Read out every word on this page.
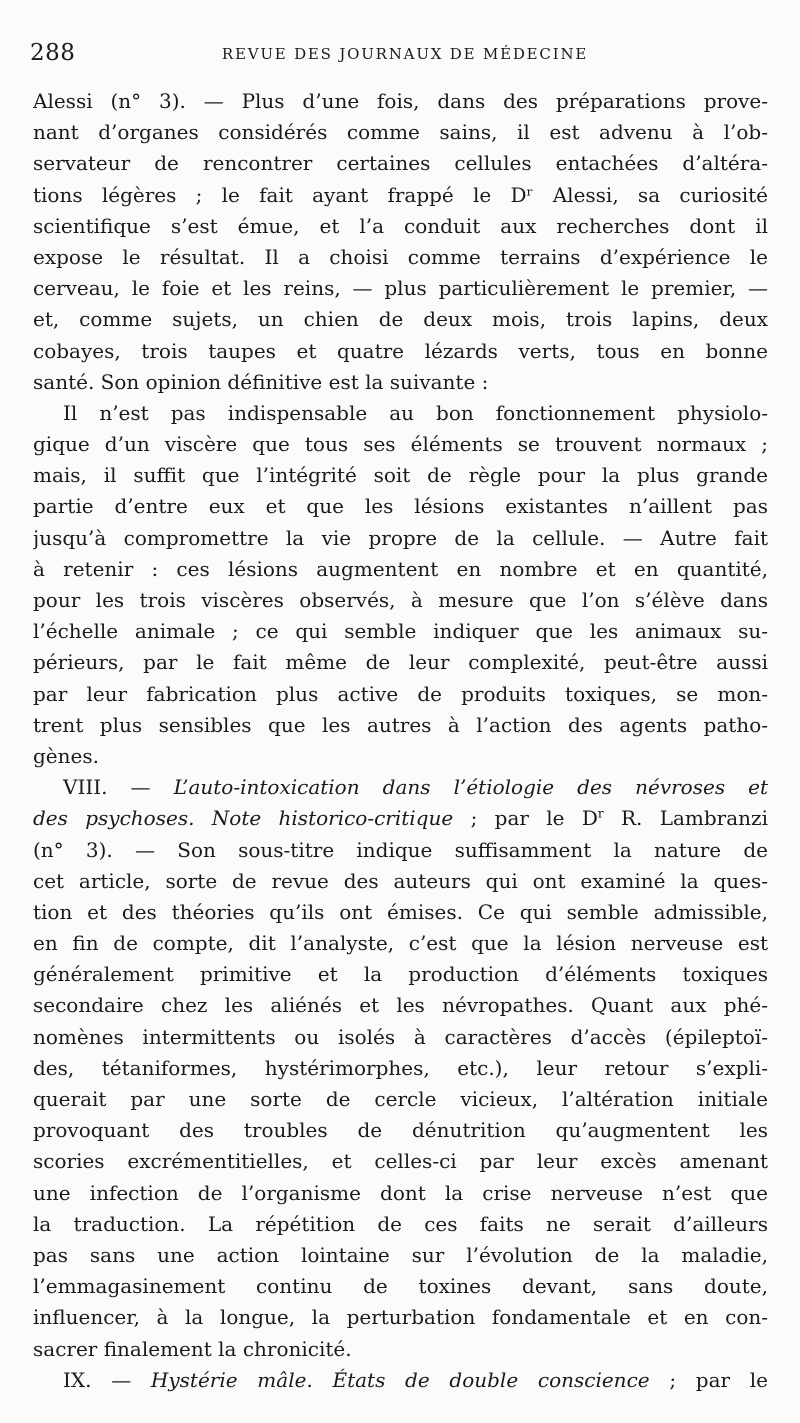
288	REVUE DES JOURNAUX DE MÉDECINE
Alessi (n° 3). — Plus d’une fois, dans des préparations prove-
nant d’organes considérés comme sains, il est advenu à l’ob-
servateur de rencontrer certaines cellules entachées d’altéra-
tions légères ; le fait ayant frappé le Dʳ Alessi, sa curiosité
scientifique s’est émue, et l’a conduit aux recherches dont il
expose le résultat. Il a choisi comme terrains d’expérience le
cerveau, le foie et les reins, — plus particulièrement le premier, —
et, comme sujets, un chien de deux mois, trois lapins, deux
cobayes, trois taupes et quatre lézards verts, tous en bonne
santé. Son opinion définitive est la suivante :
Il n’est pas indispensable au bon fonctionnement physiolo-
gique d’un viscère que tous ses éléments se trouvent normaux ;
mais, il suffit que l’intégrité soit de règle pour la plus grande
partie d’entre eux et que les lésions existantes n’aillent pas
jusqu’à compromettre la vie propre de la cellule. — Autre fait
à retenir : ces lésions augmentent en nombre et en quantité,
pour les trois viscères observés, à mesure que l’on s’élève dans
l’échelle animale ; ce qui semble indiquer que les animaux su-
périeurs, par le fait même de leur complexité, peut-être aussi
par leur fabrication plus active de produits toxiques, se mon-
trent plus sensibles que les autres à l’action des agents patho-
gènes.
VIII. — L’auto-intoxication dans l’étiologie des névroses et
des psychoses. Note historico-critique ; par le $D^r$ R. Lambranzi
(n° 3). — Son sous-titre indique suffisamment la nature de
cet article, sorte de revue des auteurs qui ont examiné la ques-
tion et des théories qu’ils ont émises. Ce qui semble admissible,
en fin de compte, dit l’analyste, c’est que la lésion nerveuse est
généralement primitive et la production d’éléments toxiques
secondaire chez les aliénés et les névropathes. Quant aux phé-
nomènes intermittents ou isolés à caractères d’accès (épileptoï-
des, tétaniformes, hystérimorphes, etc.), leur retour s’expli-
querait par une sorte de cercle vicieux, l’altération initiale
provoquant des troubles de dénutrition qu’augmentent les
scories excrémentitielles, et celles-ci par leur excès amenant
une infection de l’organisme dont la crise nerveuse n’est que
la traduction. La répétition de ces faits ne serait d’ailleurs
pas sans une action lointaine sur l’évolution de la maladie,
l’emmagasinement continu de toxines devant, sans doute,
influencer, à la longue, la perturbation fondamentale et en con-
sacrer finalement la chronicité.
IX. — Hystérie mâle. États de double conscience ; par le
